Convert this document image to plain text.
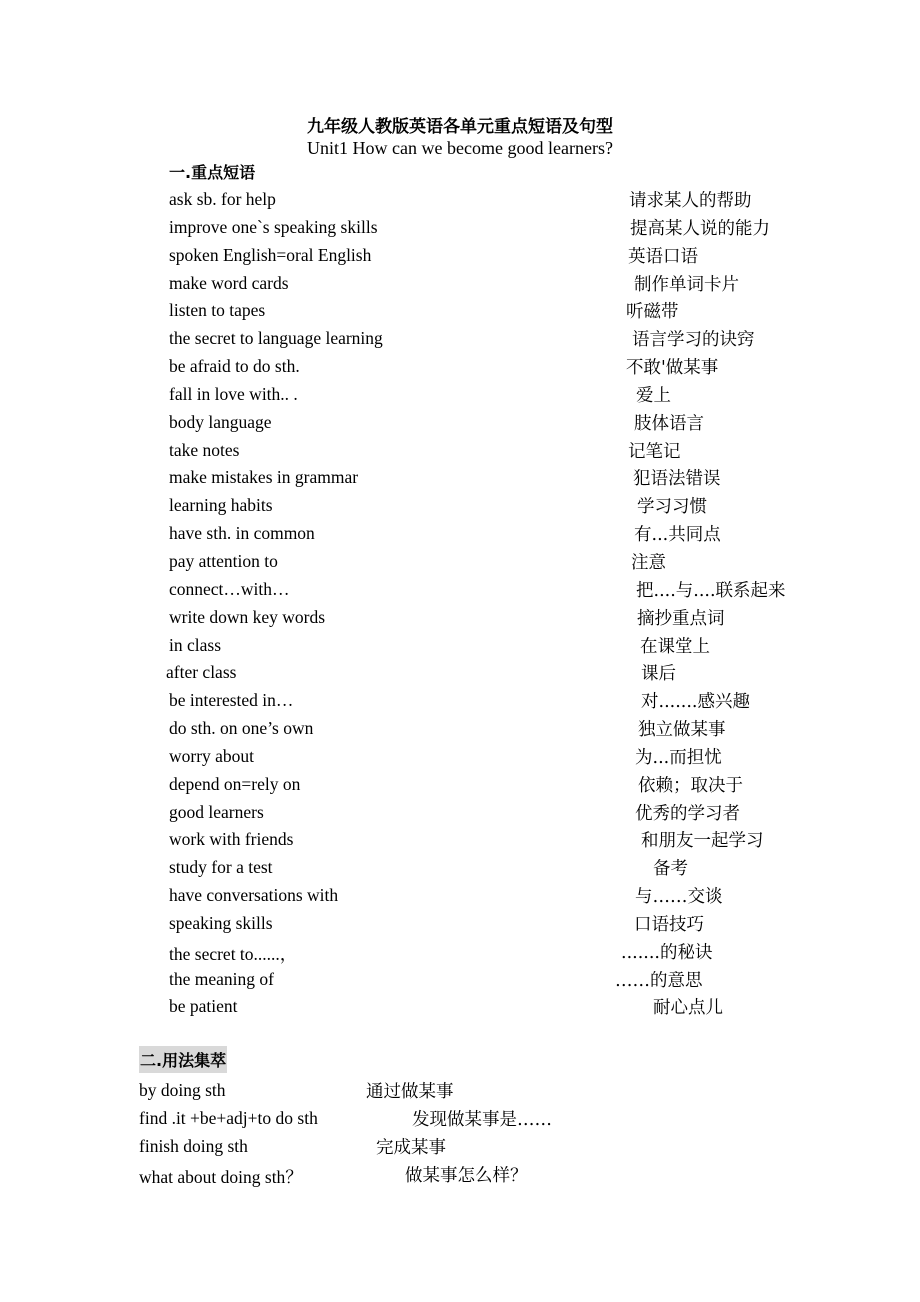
九年级人教版英语各单元重点短语及句型
Unit1 How can we become good learners?
一.重点短语
ask sb. for help	请求某人的帮助
improve one`s speaking skills	提高某人说的能力
spoken English=oral English	英语口语
make word cards	制作单词卡片
listen to tapes	听磁带
the secret to language learning	语言学习的诀窍
be afraid to do sth.	不敢'做某事
fall in love with.. .	爱上
body language	肢体语言
take notes	记笔记
make mistakes in grammar	犯语法错误
learning habits	学习习惯
have sth. in common	有...共同点
pay attention to	注意
connect…with…	把....与....联系起来
write down key words	摘抄重点词
in class	在课堂上
after class	课后
be interested in…	对.......感兴趣
do sth. on one’s own	独立做某事
worry about	为...而担忧
depend on=rely on	依赖；取决于
good learners	优秀的学习者
work with friends	和朋友一起学习
study for a test	备考
have conversations with	与……交谈
speaking skills	口语技巧
the secret to......，	.......的秘诀
the meaning of	……的意思
be patient	耐心点儿
二.用法集萃
by doing sth	通过做某事
find .it +be+adj+to do sth	发现做某事是……
finish doing sth	完成某事
what about doing sth？	做某事怎么样？
